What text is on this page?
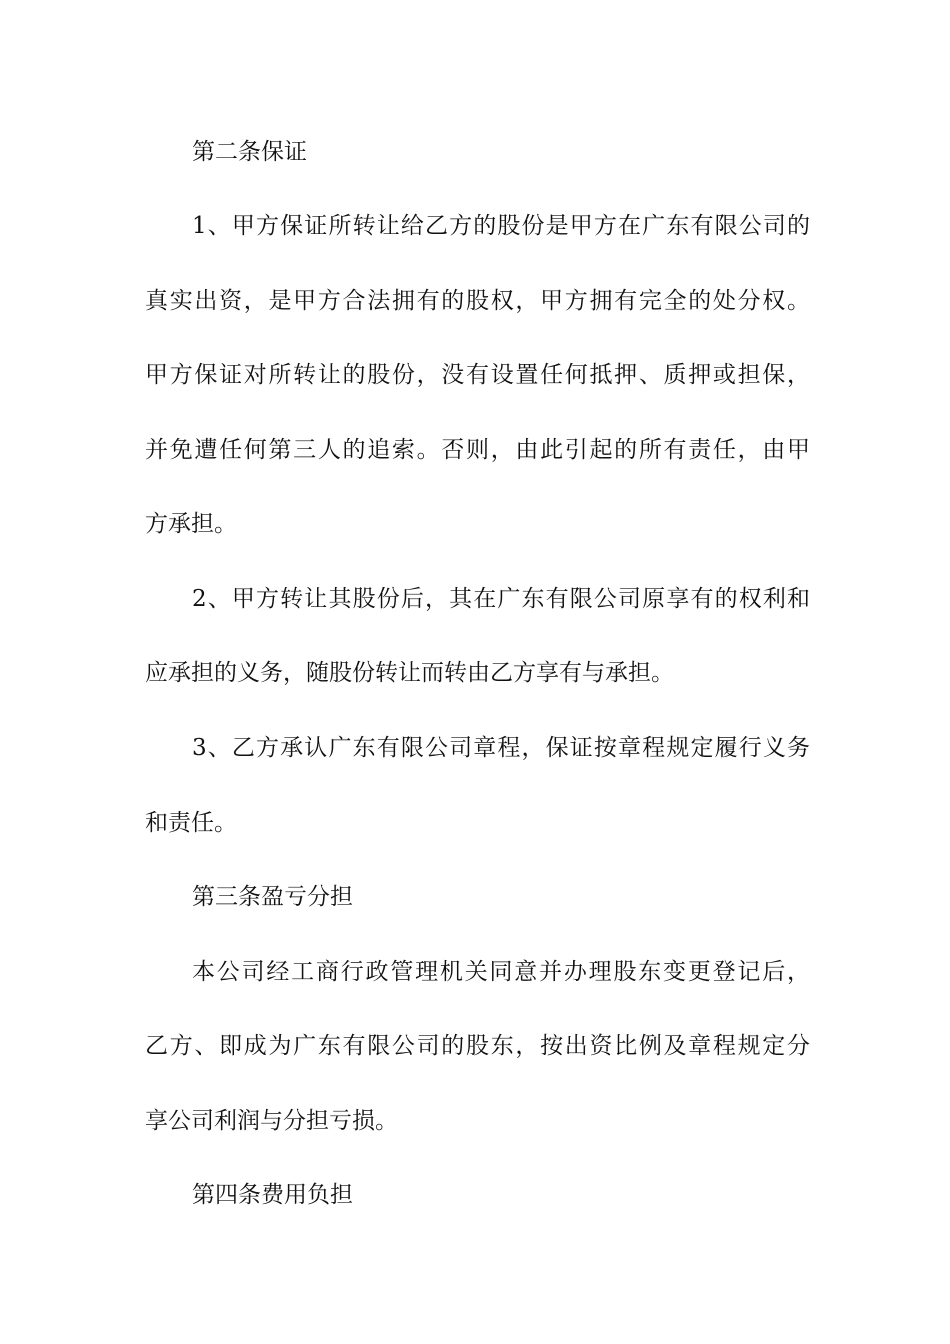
第二条保证
1、甲方保证所转让给乙方的股份是甲方在广东有限公司的
真实出资，是甲方合法拥有的股权，甲方拥有完全的处分权。
甲方保证对所转让的股份，没有设置任何抵押、质押或担保，
并免遭任何第三人的追索。否则，由此引起的所有责任，由甲
方承担。
2、甲方转让其股份后，其在广东有限公司原享有的权利和
应承担的义务，随股份转让而转由乙方享有与承担。
3、乙方承认广东有限公司章程，保证按章程规定履行义务
和责任。
第三条盈亏分担
本公司经工商行政管理机关同意并办理股东变更登记后，
乙方、即成为广东有限公司的股东，按出资比例及章程规定分
享公司利润与分担亏损。
第四条费用负担
